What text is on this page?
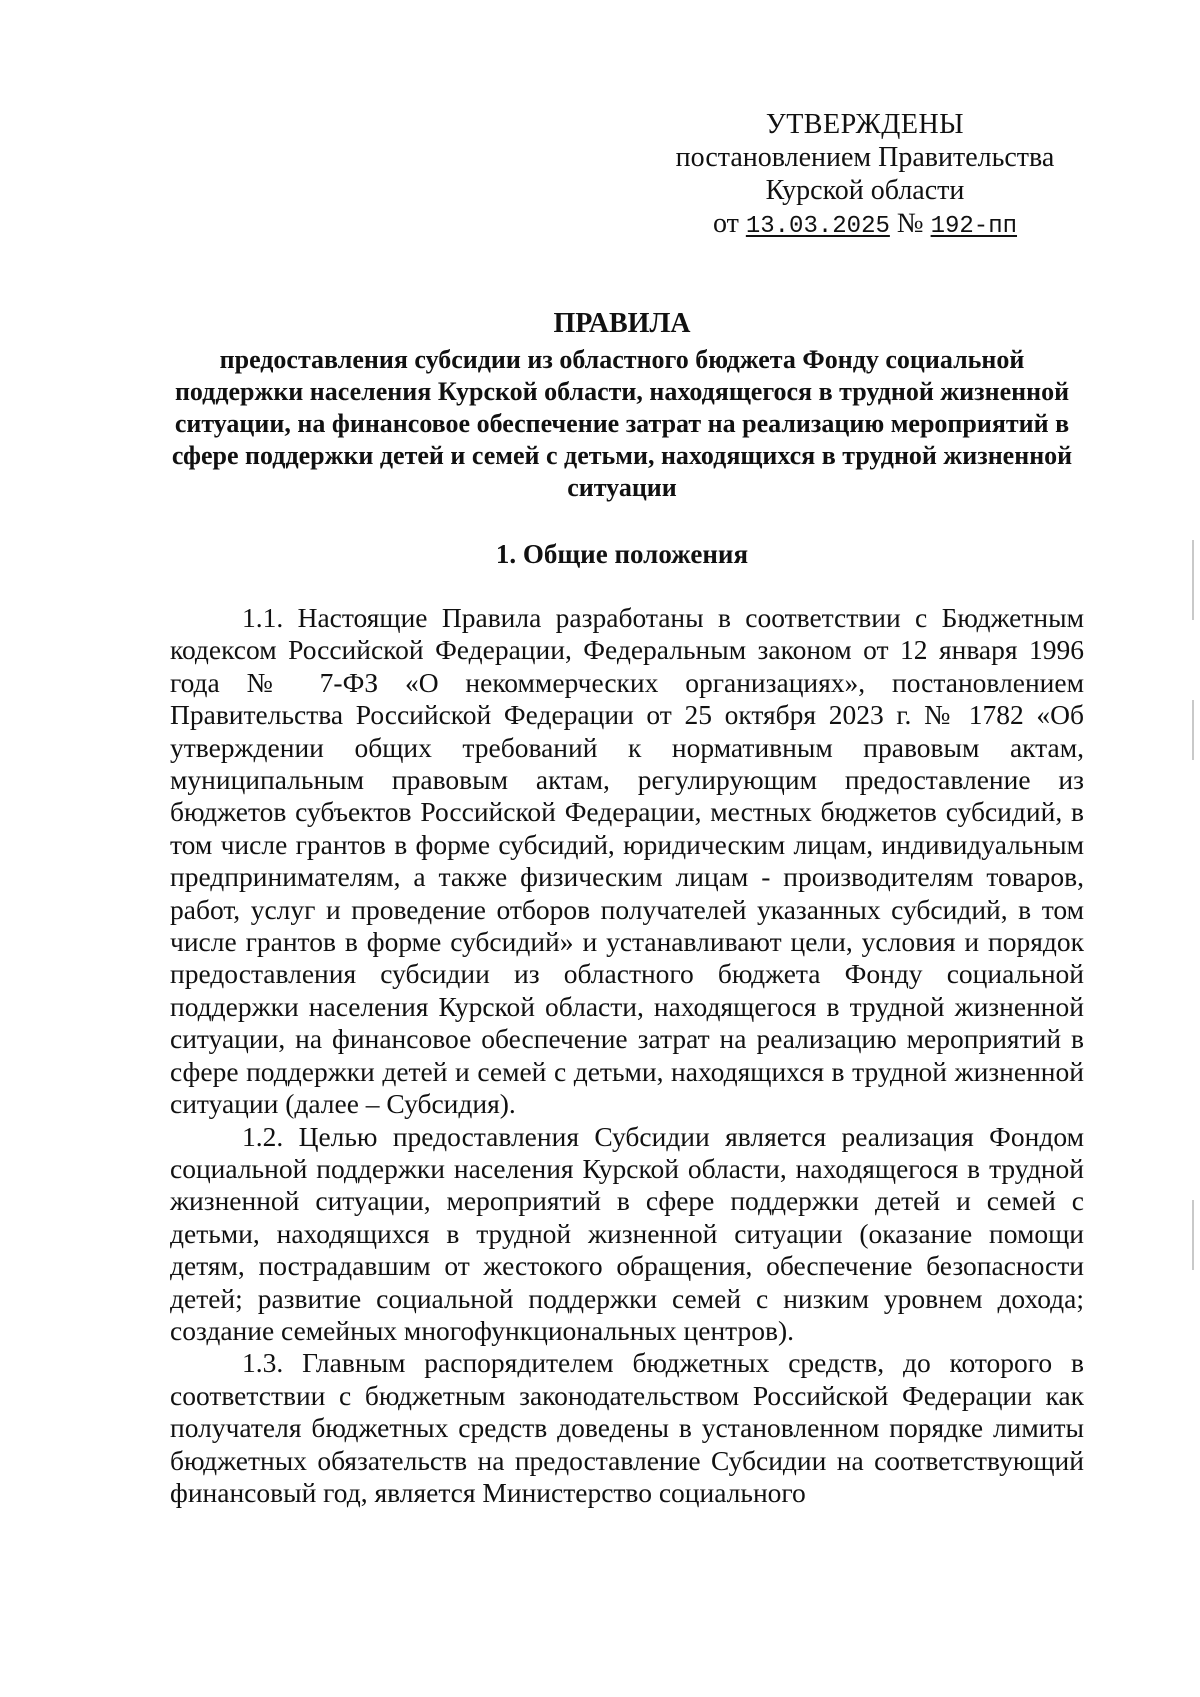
УТВЕРЖДЕНЫ
постановлением Правительства
Курской области
от 13.03.2025 № 192-пп
ПРАВИЛА
предоставления субсидии из областного бюджета Фонду социальной поддержки населения Курской области, находящегося в трудной жизненной ситуации, на финансовое обеспечение затрат на реализацию мероприятий в сфере поддержки детей и семей с детьми, находящихся в трудной жизненной ситуации
1. Общие положения

1.1. Настоящие Правила разработаны в соответствии с Бюджетным кодексом Российской Федерации, Федеральным законом от 12 января 1996 года № 7-ФЗ «О некоммерческих организациях», постановлением Правительства Российской Федерации от 25 октября 2023 г. № 1782 «Об утверждении общих требований к нормативным правовым актам, муниципальным правовым актам, регулирующим предоставление из бюджетов субъектов Российской Федерации, местных бюджетов субсидий, в том числе грантов в форме субсидий, юридическим лицам, индивидуальным предпринимателям, а также физическим лицам - производителям товаров, работ, услуг и проведение отборов получателей указанных субсидий, в том числе грантов в форме субсидий» и устанавливают цели, условия и порядок предоставления субсидии из областного бюджета Фонду социальной поддержки населения Курской области, находящегося в трудной жизненной ситуации, на финансовое обеспечение затрат на реализацию мероприятий в сфере поддержки детей и семей с детьми, находящихся в трудной жизненной ситуации (далее – Субсидия).

1.2. Целью предоставления Субсидии является реализация Фондом социальной поддержки населения Курской области, находящегося в трудной жизненной ситуации, мероприятий в сфере поддержки детей и семей с детьми, находящихся в трудной жизненной ситуации (оказание помощи детям, пострадавшим от жестокого обращения, обеспечение безопасности детей; развитие социальной поддержки семей с низким уровнем дохода; создание семейных многофункциональных центров).

1.3. Главным распорядителем бюджетных средств, до которого в соответствии с бюджетным законодательством Российской Федерации как получателя бюджетных средств доведены в установленном порядке лимиты бюджетных обязательств на предоставление Субсидии на соответствующий финансовый год, является Министерство социального
